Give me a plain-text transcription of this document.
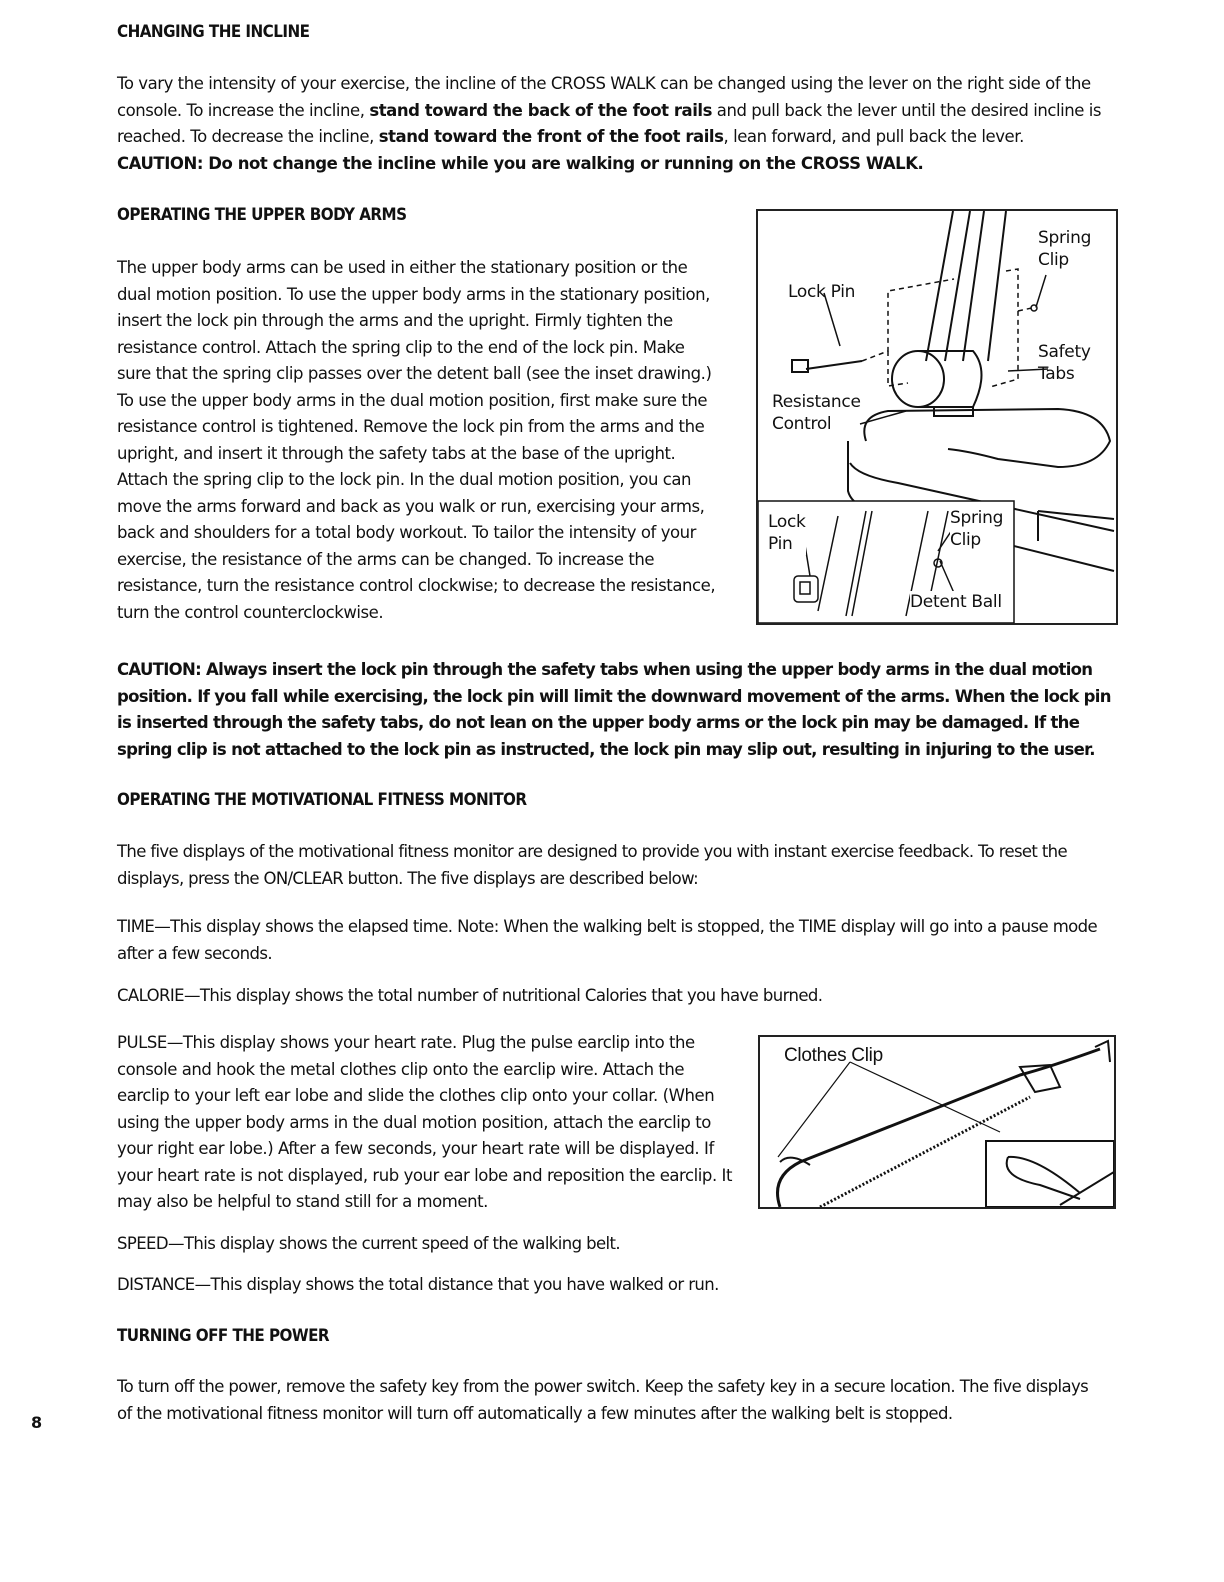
CHANGING THE INCLINE
To vary the intensity of your exercise, the incline of the CROSS WALK can be changed using the lever on the right side of the console. To increase the incline, stand toward the back of the foot rails and pull back the lever until the desired incline is reached. To decrease the incline, stand toward the front of the foot rails, lean forward, and pull back the lever. CAUTION: Do not change the incline while you are walking or running on the CROSS WALK.
OPERATING THE UPPER BODY ARMS
The upper body arms can be used in either the stationary position or the dual motion position. To use the upper body arms in the stationary position, insert the lock pin through the arms and the upright. Firmly tighten the resistance control. Attach the spring clip to the end of the lock pin. Make sure that the spring clip passes over the detent ball (see the inset drawing.) To use the upper body arms in the dual motion position, first make sure the resistance control is tightened. Remove the lock pin from the arms and the upright, and insert it through the safety tabs at the base of the upright. Attach the spring clip to the lock pin. In the dual motion position, you can move the arms forward and back as you walk or run, exercising your arms, back and shoulders for a total body workout. To tailor the intensity of your exercise, the resistance of the arms can be changed. To increase the resistance, turn the resistance control clockwise; to decrease the resistance, turn the control counterclockwise.
Spring
Clip
Lock Pin
Safety
Tabs
Resistance
Control
Lock
Pin
Spring
Clip
Detent Ball
CAUTION: Always insert the lock pin through the safety tabs when using the upper body arms in the dual motion position. If you fall while exercising, the lock pin will limit the downward movement of the arms. When the lock pin is inserted through the safety tabs, do not lean on the upper body arms or the lock pin may be damaged. If the spring clip is not attached to the lock pin as instructed, the lock pin may slip out, resulting in injuring to the user.
OPERATING THE MOTIVATIONAL FITNESS MONITOR
The five displays of the motivational fitness monitor are designed to provide you with instant exercise feedback. To reset the displays, press the ON/CLEAR button. The five displays are described below:
TIME—This display shows the elapsed time. Note: When the walking belt is stopped, the TIME display will go into a pause mode after a few seconds.
CALORIE—This display shows the total number of nutritional Calories that you have burned.
PULSE—This display shows your heart rate. Plug the pulse earclip into the console and hook the metal clothes clip onto the earclip wire. Attach the earclip to your left ear lobe and slide the clothes clip onto your collar. (When using the upper body arms in the dual motion position, attach the earclip to your right ear lobe.) After a few seconds, your heart rate will be displayed. If your heart rate is not displayed, rub your ear lobe and reposition the earclip. It may also be helpful to stand still for a moment.
Clothes Clip
SPEED—This display shows the current speed of the walking belt.
DISTANCE—This display shows the total distance that you have walked or run.
TURNING OFF THE POWER
To turn off the power, remove the safety key from the power switch. Keep the safety key in a secure location. The five displays of the motivational fitness monitor will turn off automatically a few minutes after the walking belt is stopped.
8
